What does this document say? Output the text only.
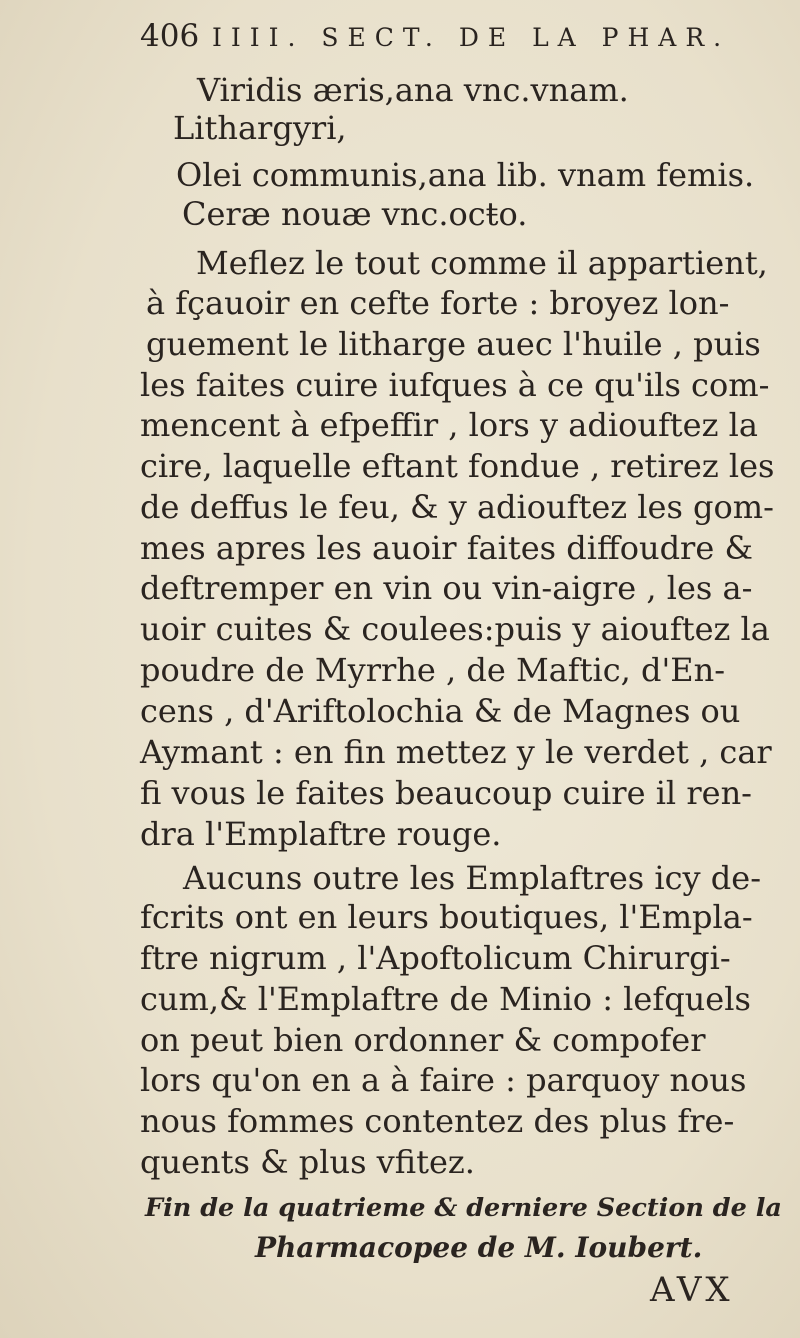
406 IIII. SECT. DE LA PHAR.
Viridis æris,ana vnc.vnam.
Lithargyri,
Olei communis,ana lib. vnam femis.
Ceræ nouæ vnc.ocŧo.
Meflez le tout comme il appartient,
à fçauoir en cefte forte : broyez lon-
guement le litharge auec l'huile , puis
les faites cuire iufques à ce qu'ils com-
mencent à efpeffir , lors y adiouftez la
cire, laquelle eftant fondue , retirez les
de deffus le feu, & y adiouftez les gom-
mes apres les auoir faites diffoudre &
deftremper en vin ou vin-aigre , les a-
uoir cuites & coulees:puis y aiouftez la
poudre de Myrrhe , de Maftic, d'En-
cens , d'Ariftolochia & de Magnes ou
Aymant : en fin mettez y le verdet , car
fi vous le faites beaucoup cuire il ren-
dra l'Emplaftre rouge.
Aucuns outre les Emplaftres icy de-
fcrits ont en leurs boutiques, l'Empla-
ftre nigrum , l'Apoftolicum Chirurgi-
cum,& l'Emplaftre de Minio : lefquels
on peut bien ordonner & compofer
lors qu'on en a à faire : parquoy nous
nous fommes contentez des plus fre-
quents & plus vfitez.
Fin de la quatrieme & derniere Section de la
Pharmacopee de M. Ioubert.
AVX
